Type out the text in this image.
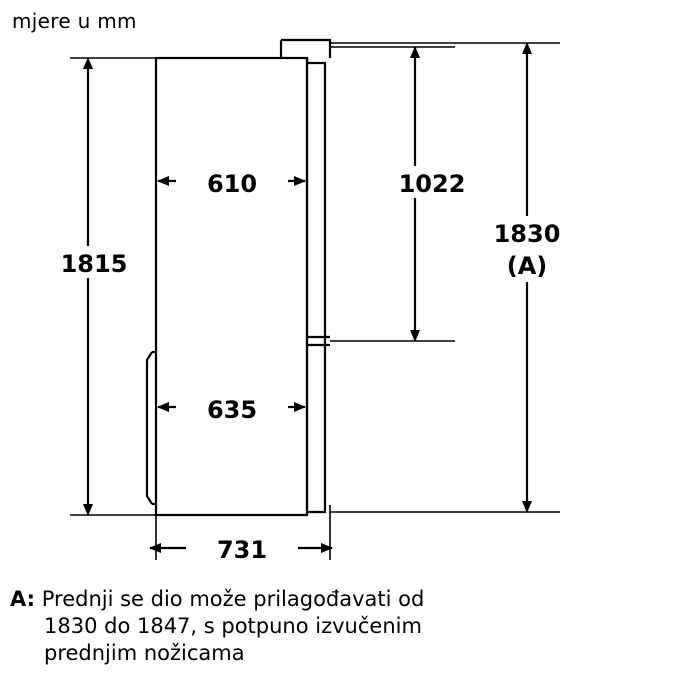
mjere u mm
1815
610
635
1022
1830
(A)
731
A: Prednji se dio može prilagođavati od
1830 do 1847, s potpuno izvučenim
prednjim nožicama
